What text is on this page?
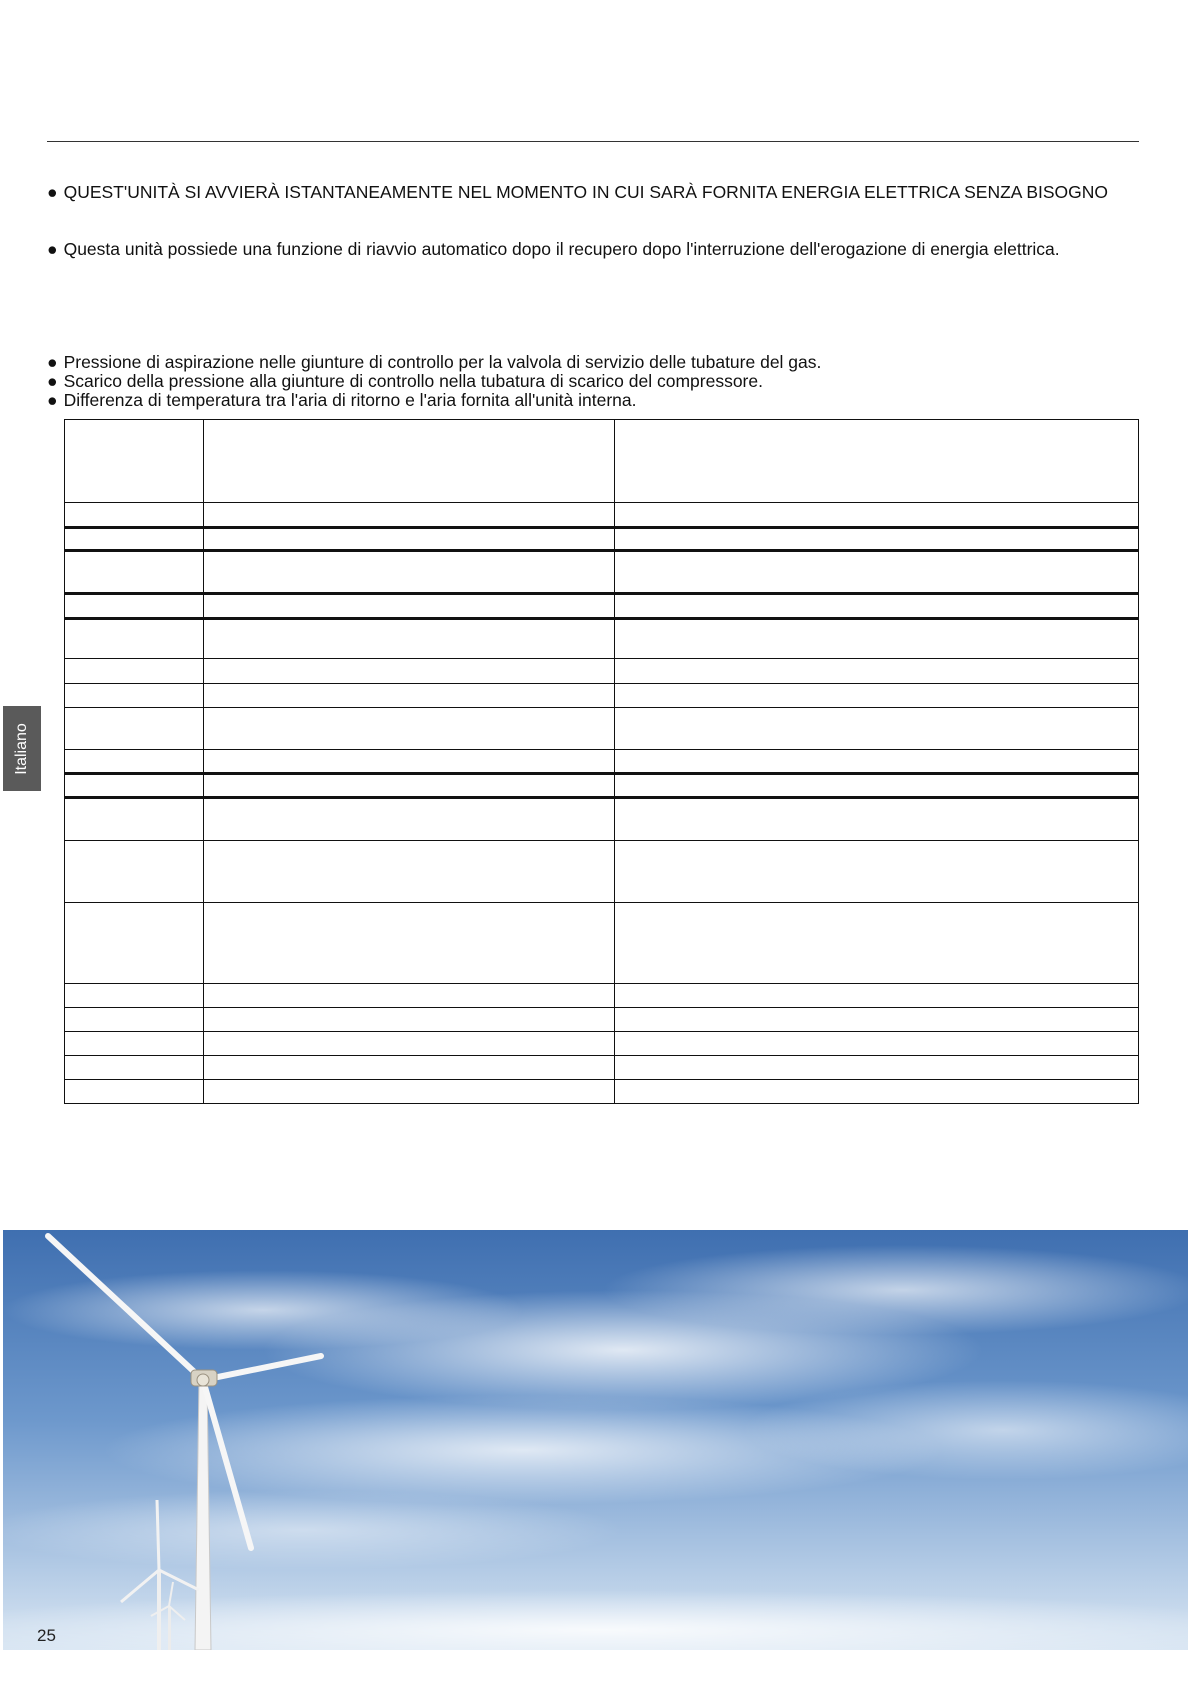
● QUEST'UNITÀ SI AVVIERÀ ISTANTANEAMENTE NEL MOMENTO IN CUI SARÀ FORNITA ENERGIA ELETTRICA SENZA BISOGNO
● Questa unità possiede una funzione di riavvio automatico dopo il recupero dopo l'interruzione dell'erogazione di energia elettrica.
● Pressione di aspirazione nelle giunture di controllo per la valvola di servizio delle tubature del gas.
● Scarico della pressione alla giunture di controllo nella tubatura di scarico del compressore.
● Differenza di temperatura tra l'aria di ritorno e l'aria fornita all'unità interna.

Italiano
25
